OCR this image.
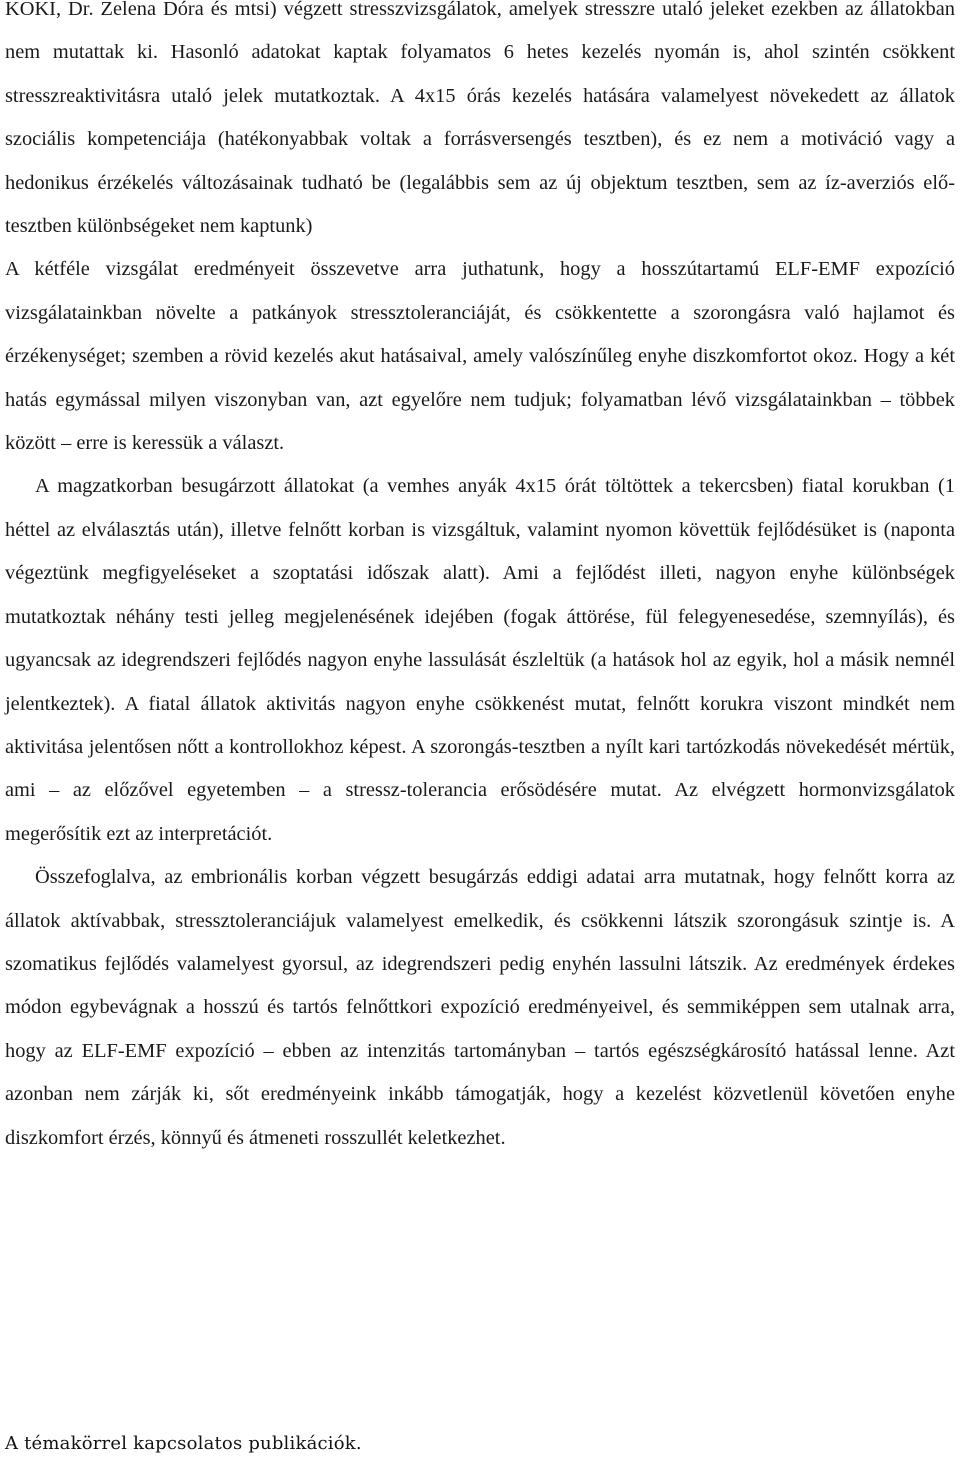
KOKI, Dr. Zelena Dóra és mtsi) végzett stresszvizsgálatok, amelyek stresszre utaló jeleket ezekben az állatokban nem mutattak ki. Hasonló adatokat kaptak folyamatos 6 hetes kezelés nyomán is, ahol szintén csökkent stresszreaktivitásra utaló jelek mutatkoztak. A 4x15 órás kezelés hatására valamelyest növekedett az állatok szociális kompetenciája (hatékonyabbak voltak a forrásversengés tesztben), és ez nem a motiváció vagy a hedonikus érzékelés változásainak tudható be (legalábbis sem az új objektum tesztben, sem az íz-averziós elő-tesztben különbségeket nem kaptunk)

A kétféle vizsgálat eredményeit összevetve arra juthatunk, hogy a hosszútartamú ELF-EMF expozíció vizsgálatainkban növelte a patkányok stressztoleranciáját, és csökkentette a szorongásra való hajlamot és érzékenységet; szemben a rövid kezelés akut hatásaival, amely valószínűleg enyhe diszkomfortot okoz. Hogy a két hatás egymással milyen viszonyban van, azt egyelőre nem tudjuk; folyamatban lévő vizsgálatainkban – többek között – erre is keressük a választ.

A magzatkorban besugárzott állatokat (a vemhes anyák 4x15 órát töltöttek a tekercsben) fiatal korukban (1 héttel az elválasztás után), illetve felnőtt korban is vizsgáltuk, valamint nyomon követtük fejlődésüket is (naponta végeztünk megfigyeléseket a szoptatási időszak alatt). Ami a fejlődést illeti, nagyon enyhe különbségek mutatkoztak néhány testi jelleg megjelenésének idejében (fogak áttörése, fül felegyenesedése, szemnyílás), és ugyancsak az idegrendszeri fejlődés nagyon enyhe lassulását észleltük (a hatások hol az egyik, hol a másik nemnél jelentkeztek). A fiatal állatok aktivitás nagyon enyhe csökkenést mutat, felnőtt korukra viszont mindkét nem aktivitása jelentősen nőtt a kontrollokhoz képest. A szorongás-tesztben a nyílt kari tartózkodás növekedését mértük, ami – az előzővel egyetemben – a stressz-tolerancia erősödésére mutat. Az elvégzett hormonvizsgálatok megerősítik ezt az interpretációt.

Összefoglalva, az embrionális korban végzett besugárzás eddigi adatai arra mutatnak, hogy felnőtt korra az állatok aktívabbak, stressztoleranciájuk valamelyest emelkedik, és csökkenni látszik szorongásuk szintje is. A szomatikus fejlődés valamelyest gyorsul, az idegrendszeri pedig enyhén lassulni látszik. Az eredmények érdekes módon egybevágnak a hosszú és tartós felnőttkori expozíció eredményeivel, és semmiképpen sem utalnak arra, hogy az ELF-EMF expozíció – ebben az intenzitás tartományban – tartós egészségkárosító hatással lenne. Azt azonban nem zárják ki, sőt eredményeink inkább támogatják, hogy a kezelést közvetlenül követően enyhe diszkomfort érzés, könnyű és átmeneti rosszullét keletkezhet.

A témakörrel kapcsolatos publikációk.
